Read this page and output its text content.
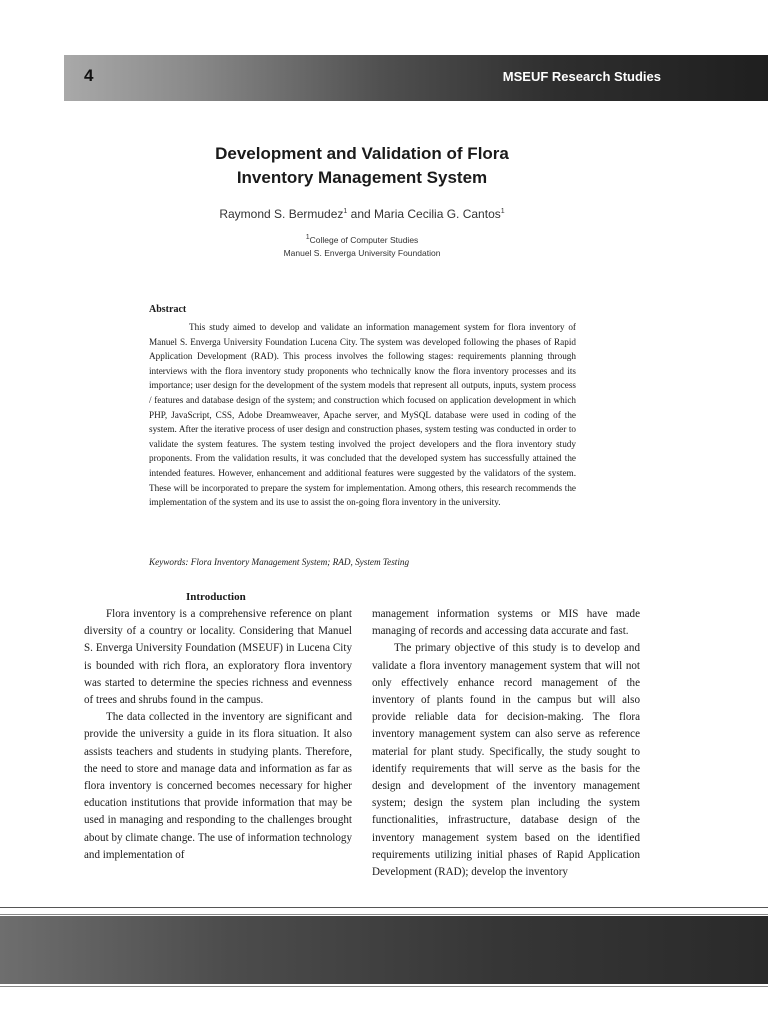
4	MSEUF Research Studies
Development and Validation of Flora
Inventory Management System
Raymond S. Bermudez$^1$ and Maria Cecilia G. Cantos$^1$
$^1$College of Computer Studies
Manuel S. Enverga University Foundation
Abstract

This study aimed to develop and validate an information management system for flora inventory of Manuel S. Enverga University Foundation Lucena City. The system was developed following the phases of Rapid Application Development (RAD). This process involves the following stages: requirements planning through interviews with the flora inventory study proponents who technically know the flora inventory processes and its importance; user design for the development of the system models that represent all outputs, inputs, system process / features and database design of the system; and construction which focused on application development in which PHP, JavaScript, CSS, Adobe Dreamweaver, Apache server, and MySQL database were used in coding of the system. After the iterative process of user design and construction phases, system testing was conducted in order to validate the system features. The system testing involved the project developers and the flora inventory study proponents. From the validation results, it was concluded that the developed system has successfully attained the intended features. However, enhancement and additional features were suggested by the validators of the system. These will be incorporated to prepare the system for implementation. Among others, this research recommends the implementation of the system and its use to assist the on-going flora inventory in the university.

Keywords: Flora Inventory Management System; RAD, System Testing
Introduction

Flora inventory is a comprehensive reference on plant diversity of a country or locality. Considering that Manuel S. Enverga University Foundation (MSEUF) in Lucena City is bounded with rich flora, an exploratory flora inventory was started to determine the species richness and evenness of trees and shrubs found in the campus.

The data collected in the inventory are significant and provide the university a guide in its flora situation. It also assists teachers and students in studying plants. Therefore, the need to store and manage data and information as far as flora inventory is concerned becomes necessary for higher education institutions that provide information that may be used in managing and responding to the challenges brought about by climate change. The use of information technology and implementation of

management information systems or MIS have made managing of records and accessing data accurate and fast.

The primary objective of this study is to develop and validate a flora inventory management system that will not only effectively enhance record management of the inventory of plants found in the campus but will also provide reliable data for decision-making. The flora inventory management system can also serve as reference material for plant study. Specifically, the study sought to identify requirements that will serve as the basis for the design and development of the inventory management system; design the system plan including the system functionalities, infrastructure, database design of the inventory management system based on the identified requirements utilizing initial phases of Rapid Application Development (RAD); develop the inventory
